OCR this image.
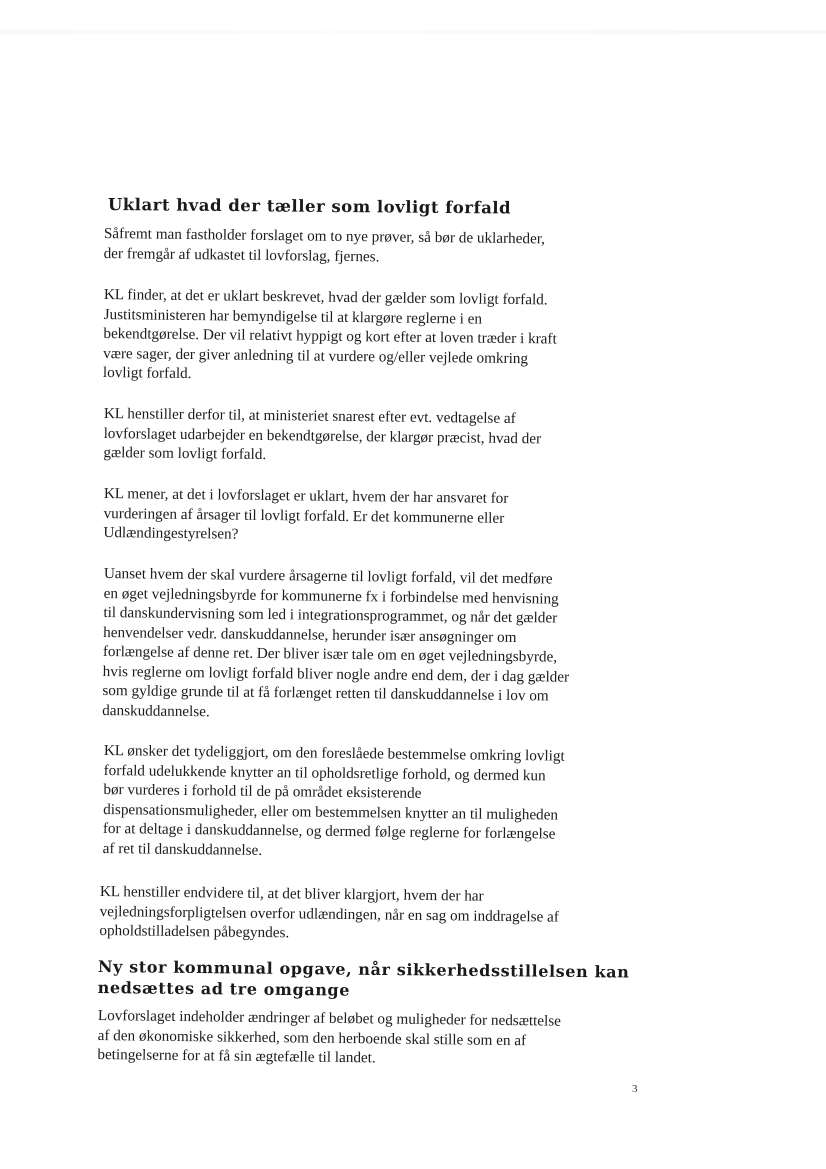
Uklart hvad der tæller som lovligt forfald

Såfremt man fastholder forslaget om to nye prøver, så bør de uklarheder,
der fremgår af udkastet til lovforslag, fjernes.

KL finder, at det er uklart beskrevet, hvad der gælder som lovligt forfald.
Justitsministeren har bemyndigelse til at klargøre reglerne i en
bekendtgørelse. Der vil relativt hyppigt og kort efter at loven træder i kraft
være sager, der giver anledning til at vurdere og/eller vejlede omkring
lovligt forfald.

KL henstiller derfor til, at ministeriet snarest efter evt. vedtagelse af
lovforslaget udarbejder en bekendtgørelse, der klargør præcist, hvad der
gælder som lovligt forfald.

KL mener, at det i lovforslaget er uklart, hvem der har ansvaret for
vurderingen af årsager til lovligt forfald. Er det kommunerne eller
Udlændingestyrelsen?

Uanset hvem der skal vurdere årsagerne til lovligt forfald, vil det medføre
en øget vejledningsbyrde for kommunerne fx i forbindelse med henvisning
til danskundervisning som led i integrationsprogrammet, og når det gælder
henvendelser vedr. danskuddannelse, herunder især ansøgninger om
forlængelse af denne ret. Der bliver især tale om en øget vejledningsbyrde,
hvis reglerne om lovligt forfald bliver nogle andre end dem, der i dag gælder
som gyldige grunde til at få forlænget retten til danskuddannelse i lov om
danskuddannelse.

KL ønsker det tydeliggjort, om den foreslåede bestemmelse omkring lovligt
forfald udelukkende knytter an til opholdsretlige forhold, og dermed kun
bør vurderes i forhold til de på området eksisterende
dispensationsmuligheder, eller om bestemmelsen knytter an til muligheden
for at deltage i danskuddannelse, og dermed følge reglerne for forlængelse
af ret til danskuddannelse.

KL henstiller endvidere til, at det bliver klargjort, hvem der har
vejledningsforpligtelsen overfor udlændingen, når en sag om inddragelse af
opholdstilladelsen påbegyndes.

Ny stor kommunal opgave, når sikkerhedsstillelsen kan
nedsættes ad tre omgange

Lovforslaget indeholder ændringer af beløbet og muligheder for nedsættelse
af den økonomiske sikkerhed, som den herboende skal stille som en af
betingelserne for at få sin ægtefælle til landet.

3
